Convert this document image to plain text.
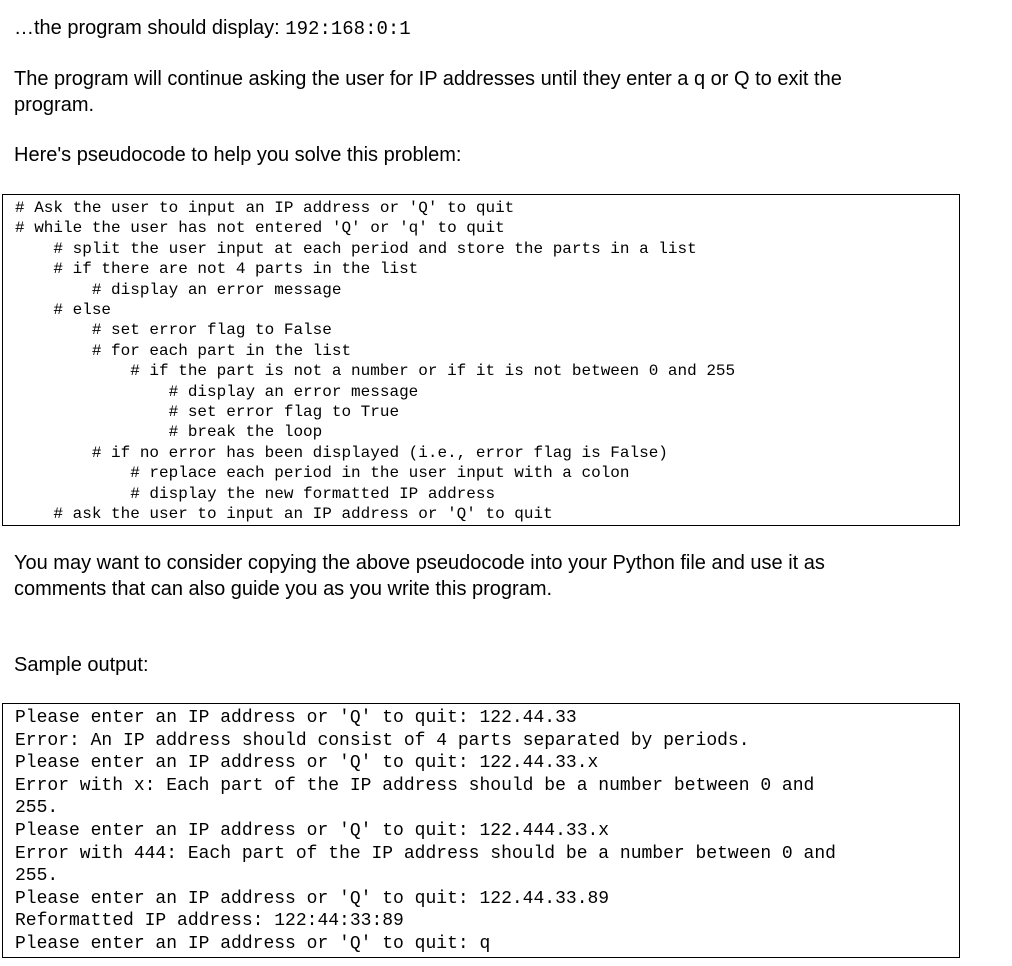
…the program should display: 192:168:0:1

The program will continue asking the user for IP addresses until they enter a q or Q to exit the

program.

Here's pseudocode to help you solve this problem:

# Ask the user to input an IP address or 'Q' to quit
# while the user has not entered 'Q' or 'q' to quit
# split the user input at each period and store the parts in a list
# if there are not 4 parts in the list
# display an error message
# else
# set error flag to False
# for each part in the list
# if the part is not a number or if it is not between 0 and 255
# display an error message
# set error flag to True
# break the loop
# if no error has been displayed (i.e., error flag is False)
# replace each period in the user input with a colon
# display the new formatted IP address
# ask the user to input an IP address or 'Q' to quit

You may want to consider copying the above pseudocode into your Python file and use it as

comments that can also guide you as you write this program.

Sample output:

Please enter an IP address or 'Q' to quit: 122.44.33
Error: An IP address should consist of 4 parts separated by periods.
Please enter an IP address or 'Q' to quit: 122.44.33.x
Error with x: Each part of the IP address should be a number between 0 and
255.
Please enter an IP address or 'Q' to quit: 122.444.33.x
Error with 444: Each part of the IP address should be a number between 0 and
255.
Please enter an IP address or 'Q' to quit: 122.44.33.89
Reformatted IP address: 122:44:33:89
Please enter an IP address or 'Q' to quit: q
